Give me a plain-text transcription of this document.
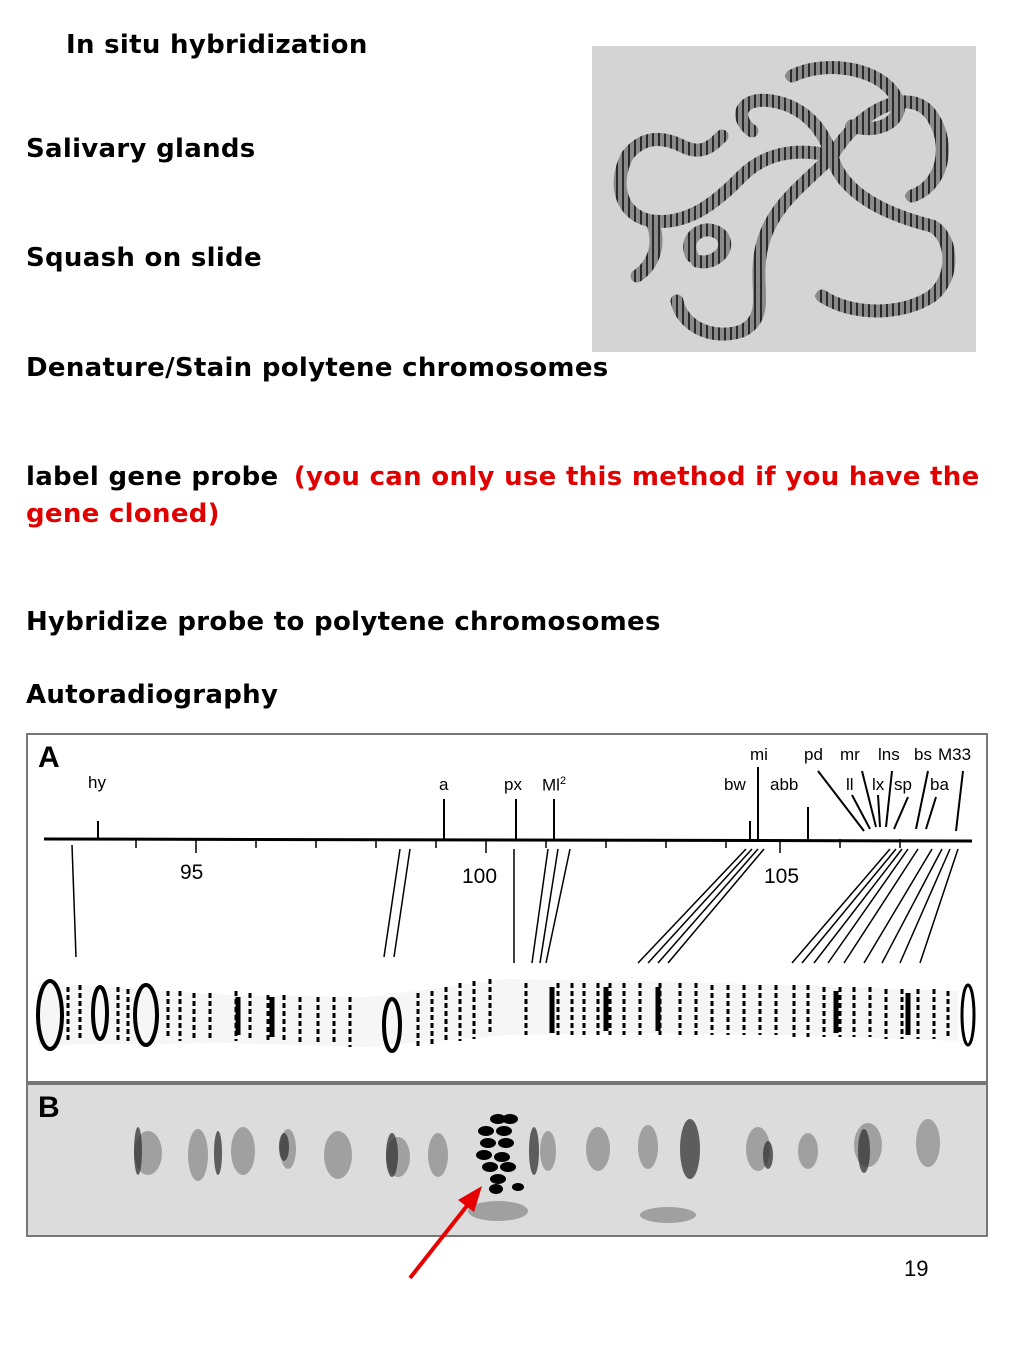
In situ hybridization
Salivary glands
Squash on slide
Denature/Stain polytene chromosomes
label gene probe (you can only use this method if you have the
gene cloned)
Hybridize probe to polytene chromosomes
Autoradiography
A
hy	a	px Ml$^2$	bw
mi
abb
pd mr
ll lx
lns
sp
bs
ba
M33
95	100	105
B
19
